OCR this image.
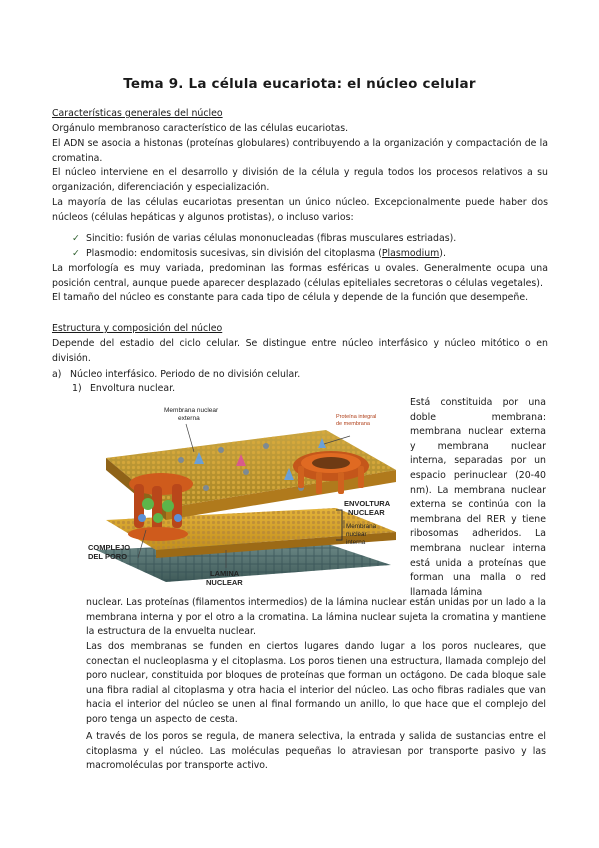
Tema 9. La célula eucariota: el núcleo celular
Características generales del núcleo
Orgánulo membranoso característico de las células eucariotas.
El ADN se asocia a histonas (proteínas globulares) contribuyendo a la organización y compactación de la cromatina.
El núcleo interviene en el desarrollo y división de la célula y regula todos los procesos relativos a su organización, diferenciación y especialización.
La mayoría de las células eucariotas presentan un único núcleo. Excepcionalmente puede haber dos núcleos (células hepáticas y algunos protistas), o incluso varios:
✓ Sincitio: fusión de varias células mononucleadas (fibras musculares estriadas).
✓ Plasmodio: endomitosis sucesivas, sin división del citoplasma (Plasmodium).
La morfología es muy variada, predominan las formas esféricas u ovales. Generalmente ocupa una posición central, aunque puede aparecer desplazado (células epiteliales secretoras o células vegetales).
El tamaño del núcleo es constante para cada tipo de célula y depende de la función que desempeñe.
Estructura y composición del núcleo
Depende del estadio del ciclo celular. Se distingue entre núcleo interfásico y núcleo mitótico o en división.
a) Núcleo interfásico. Periodo de no división celular.
1) Envoltura nuclear.
Membrana nuclear externa	Proteína integral de membrana
ENVOLTURA NUCLEAR
Membrana nuclear interna
COMPLEJO DEL PORO
LAMINA NUCLEAR
Está constituida por una doble membrana: membrana nuclear externa y membrana nuclear interna, separadas por un espacio perinuclear (20-40 nm). La membrana nuclear externa se continúa con la membrana del RER y tiene ribosomas adheridos. La membrana nuclear interna está unida a proteínas que forman una malla o red llamada lámina
nuclear. Las proteínas (filamentos intermedios) de la lámina nuclear están unidas por un lado a la membrana interna y por el otro a la cromatina. La lámina nuclear sujeta la cromatina y mantiene la estructura de la envuelta nuclear.
Las dos membranas se funden en ciertos lugares dando lugar a los poros nucleares, que conectan el nucleoplasma y el citoplasma. Los poros tienen una estructura, llamada complejo del poro nuclear, constituida por bloques de proteínas que forman un octágono. De cada bloque sale una fibra radial al citoplasma y otra hacia el interior del núcleo. Las ocho fibras radiales que van hacia el interior del núcleo se unen al final formando un anillo, lo que hace que el complejo del poro tenga un aspecto de cesta.
A través de los poros se regula, de manera selectiva, la entrada y salida de sustancias entre el citoplasma y el núcleo. Las moléculas pequeñas lo atraviesan por transporte pasivo y las macromoléculas por transporte activo.
